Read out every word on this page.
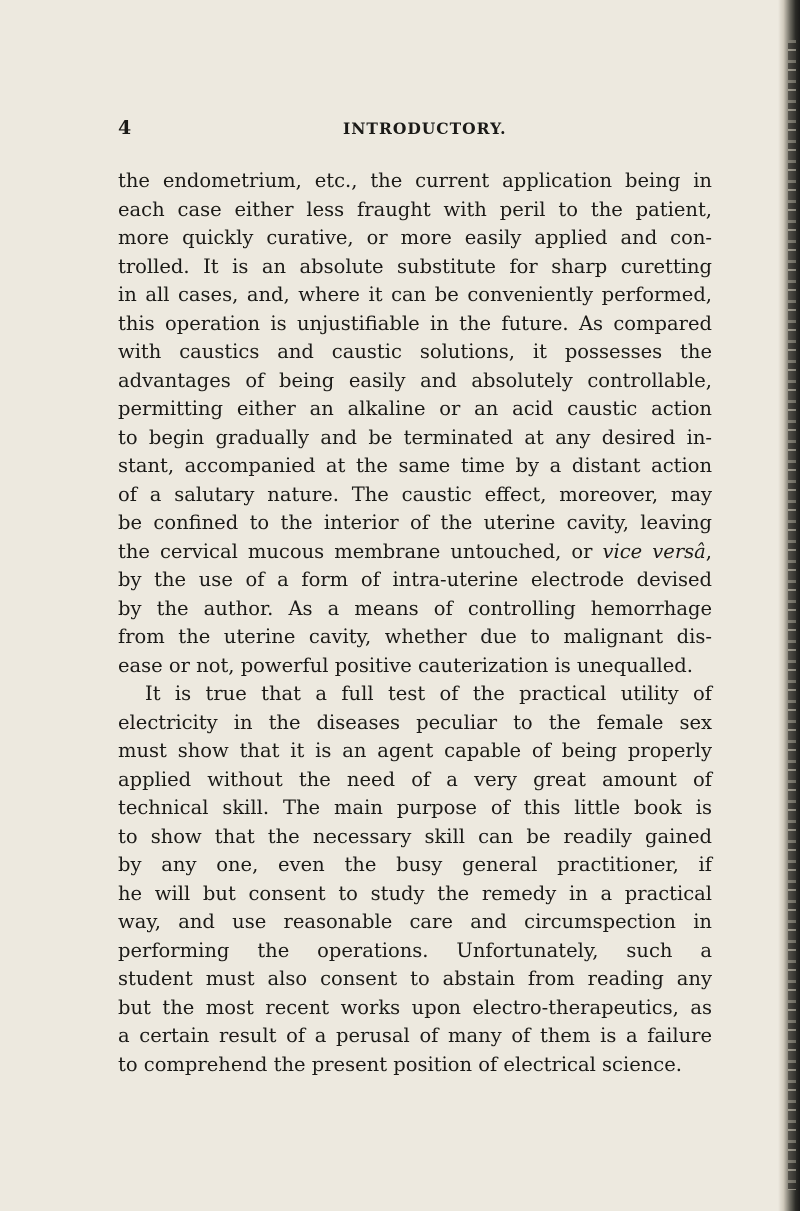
4	INTRODUCTORY.
the endometrium, etc., the current application being in
each case either less fraught with peril to the patient,
more quickly curative, or more easily applied and con-
trolled. It is an absolute substitute for sharp curetting
in all cases, and, where it can be conveniently performed,
this operation is unjustifiable in the future. As compared
with caustics and caustic solutions, it possesses the
advantages of being easily and absolutely controllable,
permitting either an alkaline or an acid caustic action
to begin gradually and be terminated at any desired in-
stant, accompanied at the same time by a distant action
of a salutary nature. The caustic effect, moreover, may
be confined to the interior of the uterine cavity, leaving
the cervical mucous membrane untouched, or vice versâ,
by the use of a form of intra-uterine electrode devised
by the author. As a means of controlling hemorrhage
from the uterine cavity, whether due to malignant dis-
ease or not, powerful positive cauterization is unequalled.
It is true that a full test of the practical utility of
electricity in the diseases peculiar to the female sex
must show that it is an agent capable of being properly
applied without the need of a very great amount of
technical skill. The main purpose of this little book is
to show that the necessary skill can be readily gained
by any one, even the busy general practitioner, if
he will but consent to study the remedy in a practical
way, and use reasonable care and circumspection in
performing the operations. Unfortunately, such a
student must also consent to abstain from reading any
but the most recent works upon electro-therapeutics, as
a certain result of a perusal of many of them is a failure
to comprehend the present position of electrical science.
